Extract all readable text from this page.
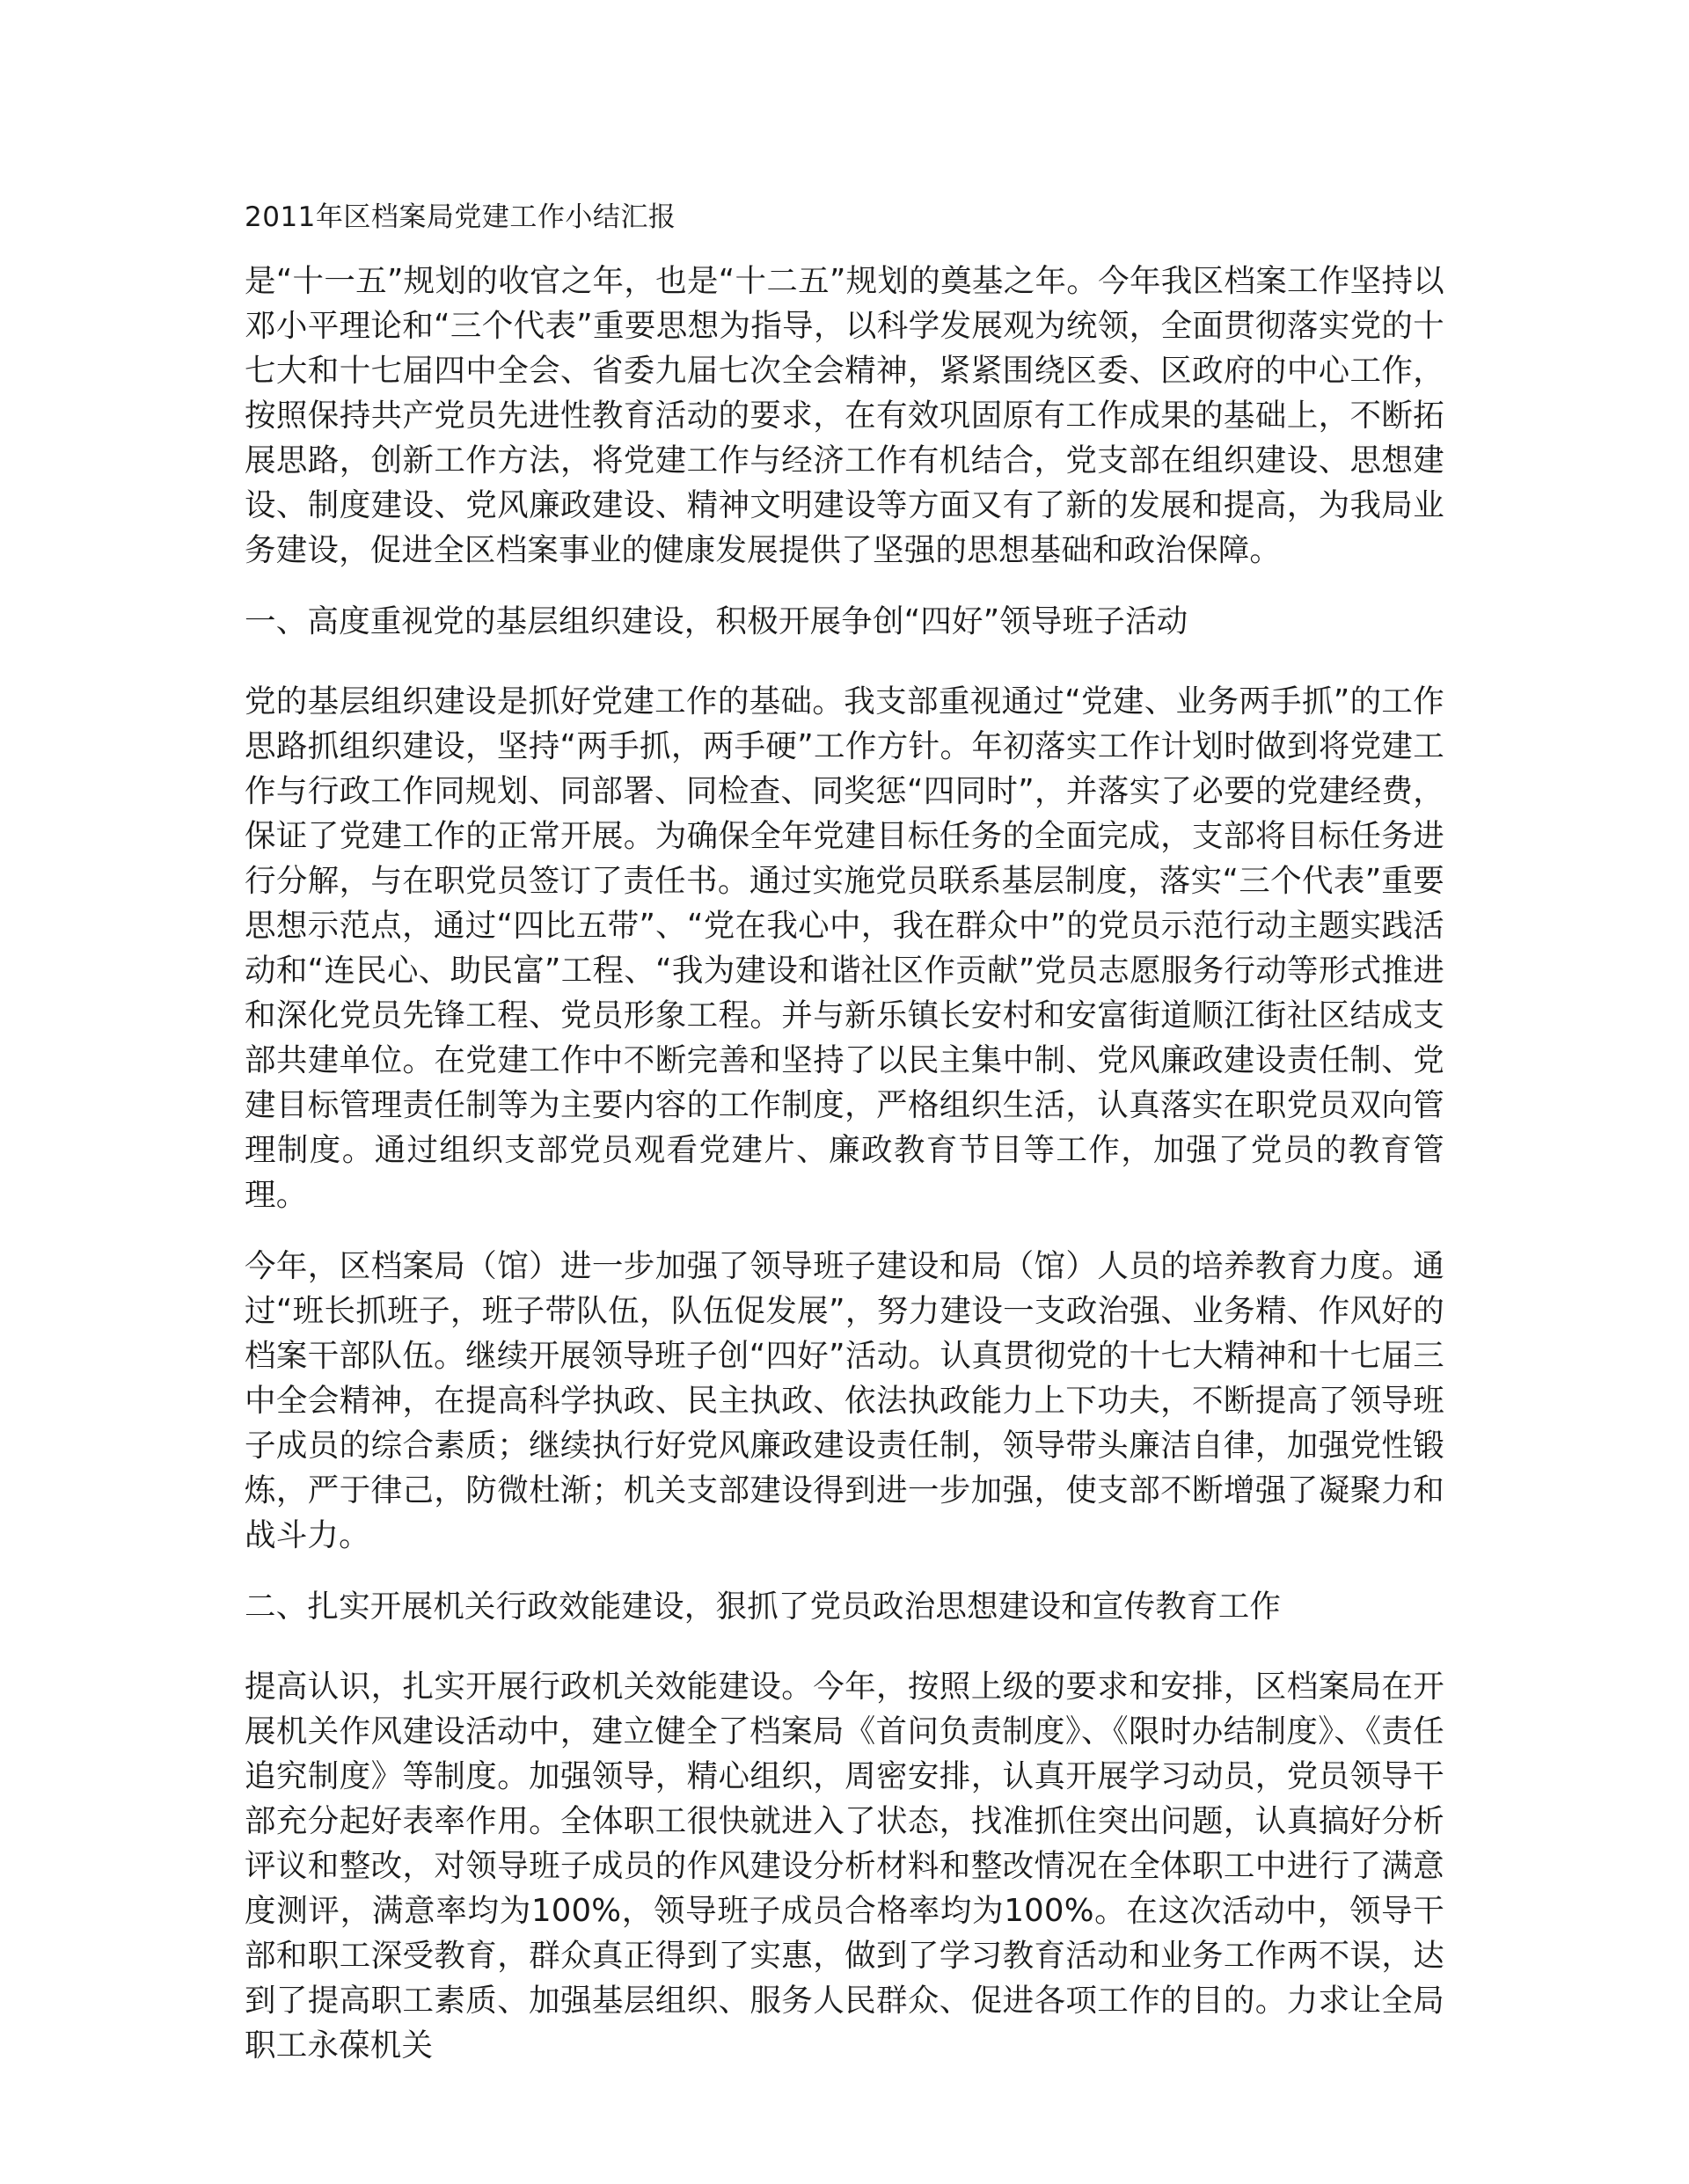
2011年区档案局党建工作小结汇报

是“十一五”规划的收官之年，也是“十二五”规划的奠基之年。今年我区档案工作坚持以邓小平理论和“三个代表”重要思想为指导，以科学发展观为统领，全面贯彻落实党的十七大和十七届四中全会、省委九届七次全会精神，紧紧围绕区委、区政府的中心工作，按照保持共产党员先进性教育活动的要求，在有效巩固原有工作成果的基础上，不断拓展思路，创新工作方法，将党建工作与经济工作有机结合，党支部在组织建设、思想建设、制度建设、党风廉政建设、精神文明建设等方面又有了新的发展和提高，为我局业务建设，促进全区档案事业的健康发展提供了坚强的思想基础和政治保障。

一、高度重视党的基层组织建设，积极开展争创“四好”领导班子活动

党的基层组织建设是抓好党建工作的基础。我支部重视通过“党建、业务两手抓”的工作思路抓组织建设，坚持“两手抓，两手硬”工作方针。年初落实工作计划时做到将党建工作与行政工作同规划、同部署、同检查、同奖惩“四同时”，并落实了必要的党建经费，保证了党建工作的正常开展。为确保全年党建目标任务的全面完成，支部将目标任务进行分解，与在职党员签订了责任书。通过实施党员联系基层制度，落实“三个代表”重要思想示范点，通过“四比五带”、“党在我心中，我在群众中”的党员示范行动主题实践活动和“连民心、助民富”工程、“我为建设和谐社区作贡献”党员志愿服务行动等形式推进和深化党员先锋工程、党员形象工程。并与新乐镇长安村和安富街道顺江街社区结成支部共建单位。在党建工作中不断完善和坚持了以民主集中制、党风廉政建设责任制、党建目标管理责任制等为主要内容的工作制度，严格组织生活，认真落实在职党员双向管理制度。通过组织支部党员观看党建片、廉政教育节目等工作，加强了党员的教育管理。

今年，区档案局（馆）进一步加强了领导班子建设和局（馆）人员的培养教育力度。通过“班长抓班子，班子带队伍，队伍促发展”，努力建设一支政治强、业务精、作风好的档案干部队伍。继续开展领导班子创“四好”活动。认真贯彻党的十七大精神和十七届三中全会精神，在提高科学执政、民主执政、依法执政能力上下功夫，不断提高了领导班子成员的综合素质；继续执行好党风廉政建设责任制，领导带头廉洁自律，加强党性锻炼，严于律己，防微杜渐；机关支部建设得到进一步加强，使支部不断增强了凝聚力和战斗力。

二、扎实开展机关行政效能建设，狠抓了党员政治思想建设和宣传教育工作

提高认识，扎实开展行政机关效能建设。今年，按照上级的要求和安排，区档案局在开展机关作风建设活动中，建立健全了档案局《首问负责制度》、《限时办结制度》、《责任追究制度》等制度。加强领导，精心组织，周密安排，认真开展学习动员，党员领导干部充分起好表率作用。全体职工很快就进入了状态，找准抓住突出问题，认真搞好分析评议和整改，对领导班子成员的作风建设分析材料和整改情况在全体职工中进行了满意度测评，满意率均为100%，领导班子成员合格率均为100%。在这次活动中，领导干部和职工深受教育，群众真正得到了实惠，做到了学习教育活动和业务工作两不误，达到了提高职工素质、加强基层组织、服务人民群众、促进各项工作的目的。力求让全局职工永葆机关
